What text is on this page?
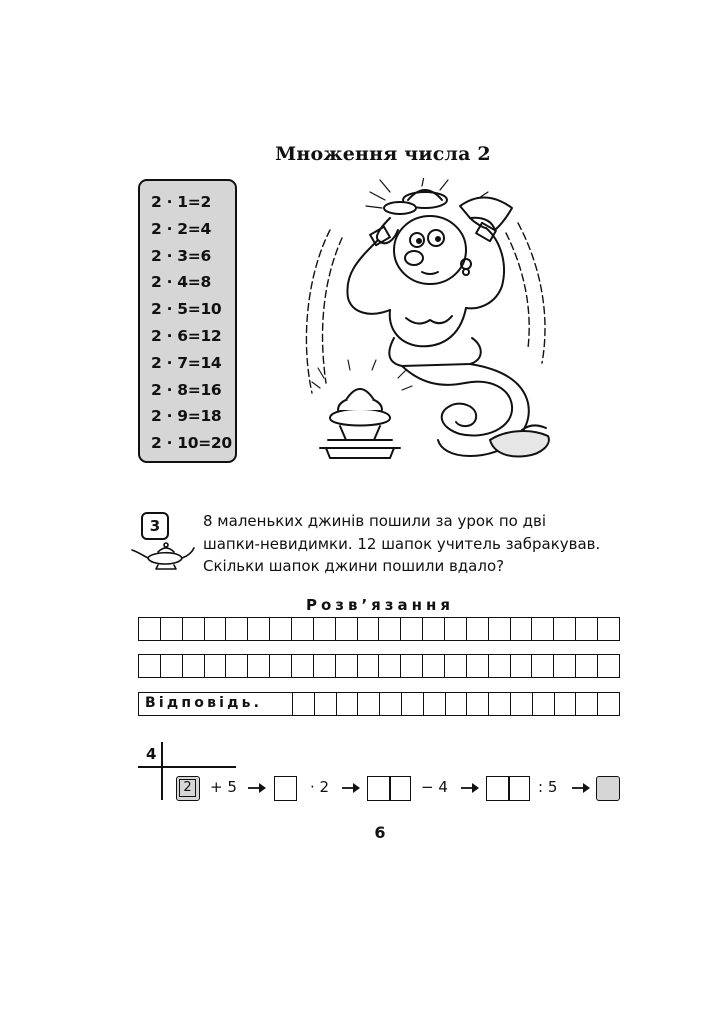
Множення числа 2
2 · 1=2
2 · 2=4
2 · 3=6
2 · 4=8
2 · 5=10
2 · 6=12
2 · 7=14
2 · 8=16
2 · 9=18
2 · 10=20
3	8 маленьких джинів пошили за урок по дві

шапки-невидимки. 12 шапок учитель забракував.

Скільки шапок джини пошили вдало?

Розв’язання
Відповідь.
4
2 + 5	· 2	− 4	: 5
6
